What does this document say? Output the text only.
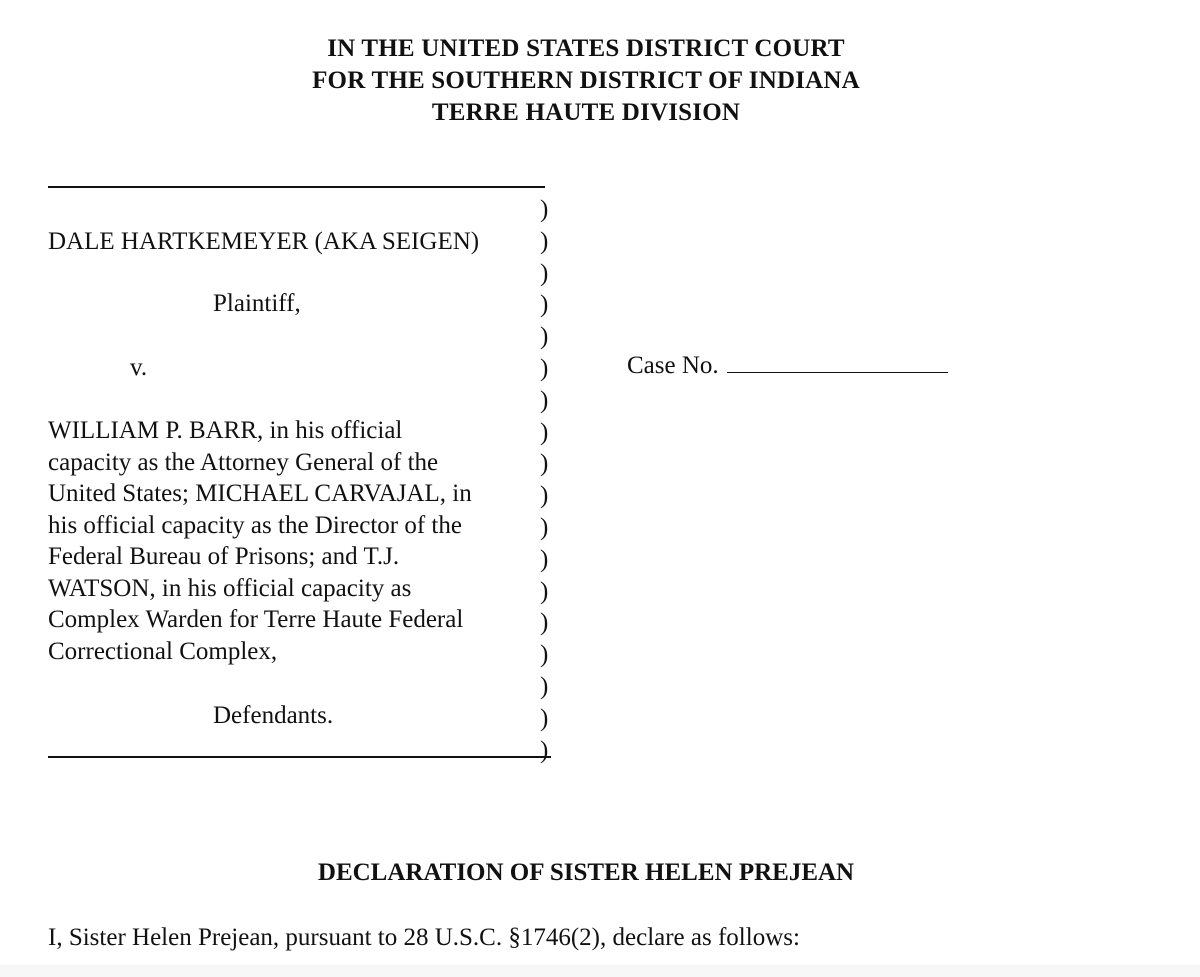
IN THE UNITED STATES DISTRICT COURT
FOR THE SOUTHERN DISTRICT OF INDIANA
TERRE HAUTE DIVISION
DALE HARTKEMEYER (AKA SEIGEN)
Plaintiff,
v.
WILLIAM P. BARR, in his official
capacity as the Attorney General of the
United States; MICHAEL CARVAJAL, in
his official capacity as the Director of the
Federal Bureau of Prisons; and T.J.
WATSON, in his official capacity as
Complex Warden for Terre Haute Federal
Correctional Complex,
Defendants.
)
)
)
)
)
)
)
)
)
)
)
)
)
)
)
)
)
)
Case No.
DECLARATION OF SISTER HELEN PREJEAN
I, Sister Helen Prejean, pursuant to 28 U.S.C. §1746(2), declare as follows:
